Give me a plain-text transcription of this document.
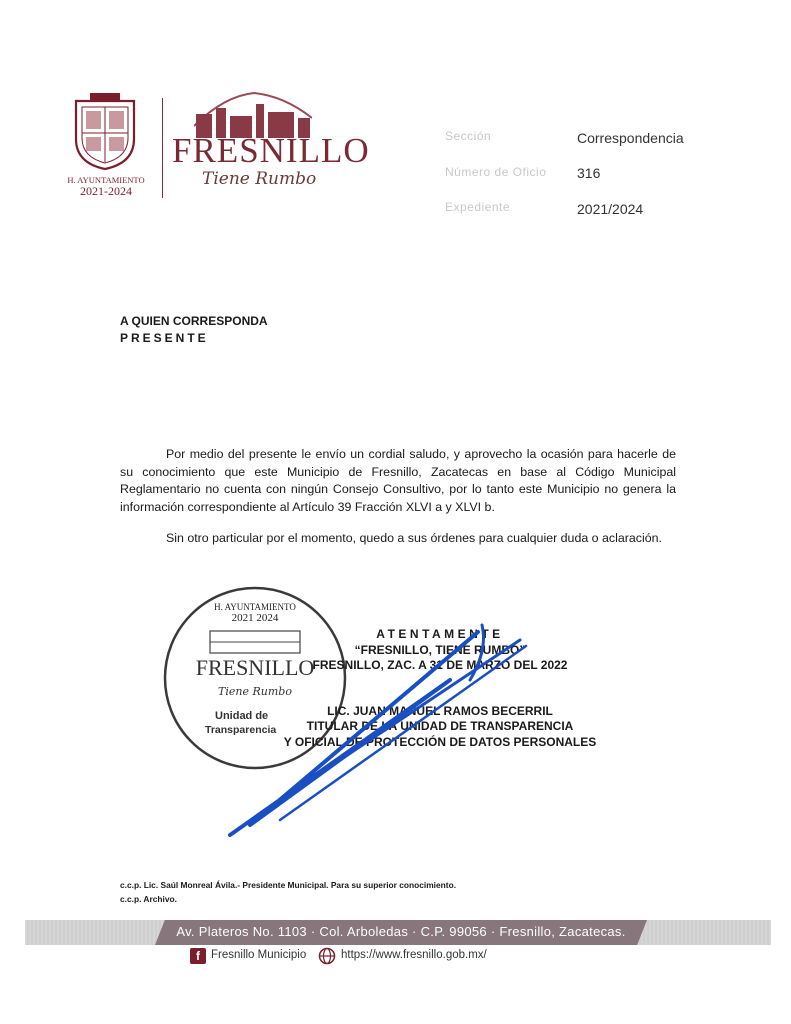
H. AYUNTAMIENTO
2021-2024
FRESNILLO
Tiene Rumbo
Sección	Correspondencia
Número de Oficio 316
Expediente	2021/2024
A QUIEN CORRESPONDA
PRESENTE
Por medio del presente le envío un cordial saludo, y aprovecho la ocasión para hacerle de su conocimiento que este Municipio de Fresnillo, Zacatecas en base al Código Municipal Reglamentario no cuenta con ningún Consejo Consultivo, por lo tanto este Municipio no genera la información correspondiente al Artículo 39 Fracción XLVI a y XLVI b.
Sin otro particular por el momento, quedo a sus órdenes para cualquier duda o aclaración.
H. AYUNTAMIENTO
2021 2024
FRESNILLO
Tiene Rumbo
Unidad de
Transparencia
ATENTAMENTE
“FRESNILLO, TIENE RUMBO”
FRESNILLO, ZAC. A 31 DE MARZO DEL 2022
LIC. JUAN MANUEL RAMOS BECERRIL
TITULAR DE LA UNIDAD DE TRANSPARENCIA
Y OFICIAL DE PROTECCIÓN DE DATOS PERSONALES
c.c.p. Lic. Saúl Monreal Ávila.- Presidente Municipal. Para su superior conocimiento.
c.c.p. Archivo.
Av. Plateros No. 1103 · Col. Arboledas · C.P. 99056 · Fresnillo, Zacatecas.
f Fresnillo Municipio	https://www.fresnillo.gob.mx/
